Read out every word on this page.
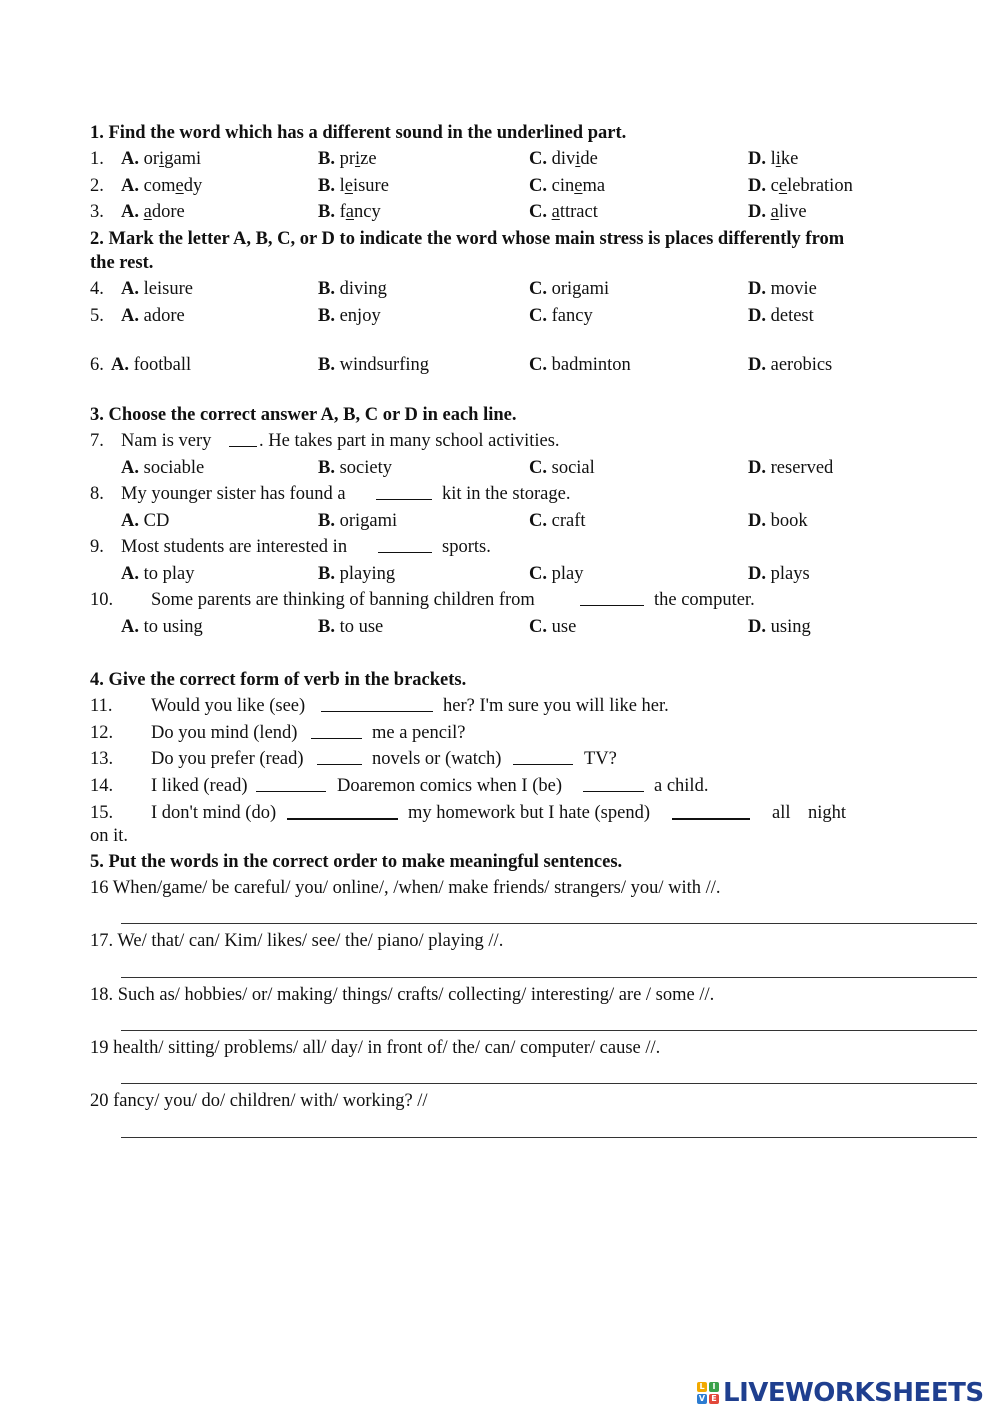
1. Find the word which has a different sound in the underlined part.
1. A. origami	B. prize	C. divide	D. like
2. A. comedy	B. leisure	C. cinema	D. celebration
3. A. adore	B. fancy	C. attract	D. alive
2. Mark the letter A, B, C, or D to indicate the word whose main stress is places differently from
the rest.
4. A. leisure	B. diving	C. origami	D. movie
5. A. adore	B. enjoy	C. fancy	D. detest
6. A. football	B. windsurfing	C. badminton	D. aerobics
3. Choose the correct answer A, B, C or D in each line.
7. Nam is very	. He takes part in many school activities.
A. sociable	B. society	C. social	D. reserved
8. My younger sister has found a	kit in the storage.
A. CD	B. origami	C. craft	D. book
9. Most students are interested in	sports.
A. to play	B. playing	C. play	D. plays
10. Some parents are thinking of banning children from	the computer.
A. to using	B. to use	C. use	D. using
4. Give the correct form of verb in the brackets.
11. Would you like (see)	her? I'm sure you will like her.
12. Do you mind (lend)	me a pencil?
13. Do you prefer (read)	novels or (watch)	TV?
14. I liked (read)	Doaremon comics when I (be)	a child.
15. I don't mind (do)	my homework but I hate (spend)	all night
on it.
5. Put the words in the correct order to make meaningful sentences.
16 When/game/ be careful/ you/ online/, /when/ make friends/ strangers/ you/ with //.
17. We/ that/ can/ Kim/ likes/ see/ the/ piano/ playing //.
18. Such as/ hobbies/ or/ making/ things/ crafts/ collecting/ interesting/ are / some //.
19 health/ sitting/ problems/ all/ day/ in front of/ the/ can/ computer/ cause //.
20 fancy/ you/ do/ children/ with/ working? //
L I
V E LIVEWORKSHEETS
